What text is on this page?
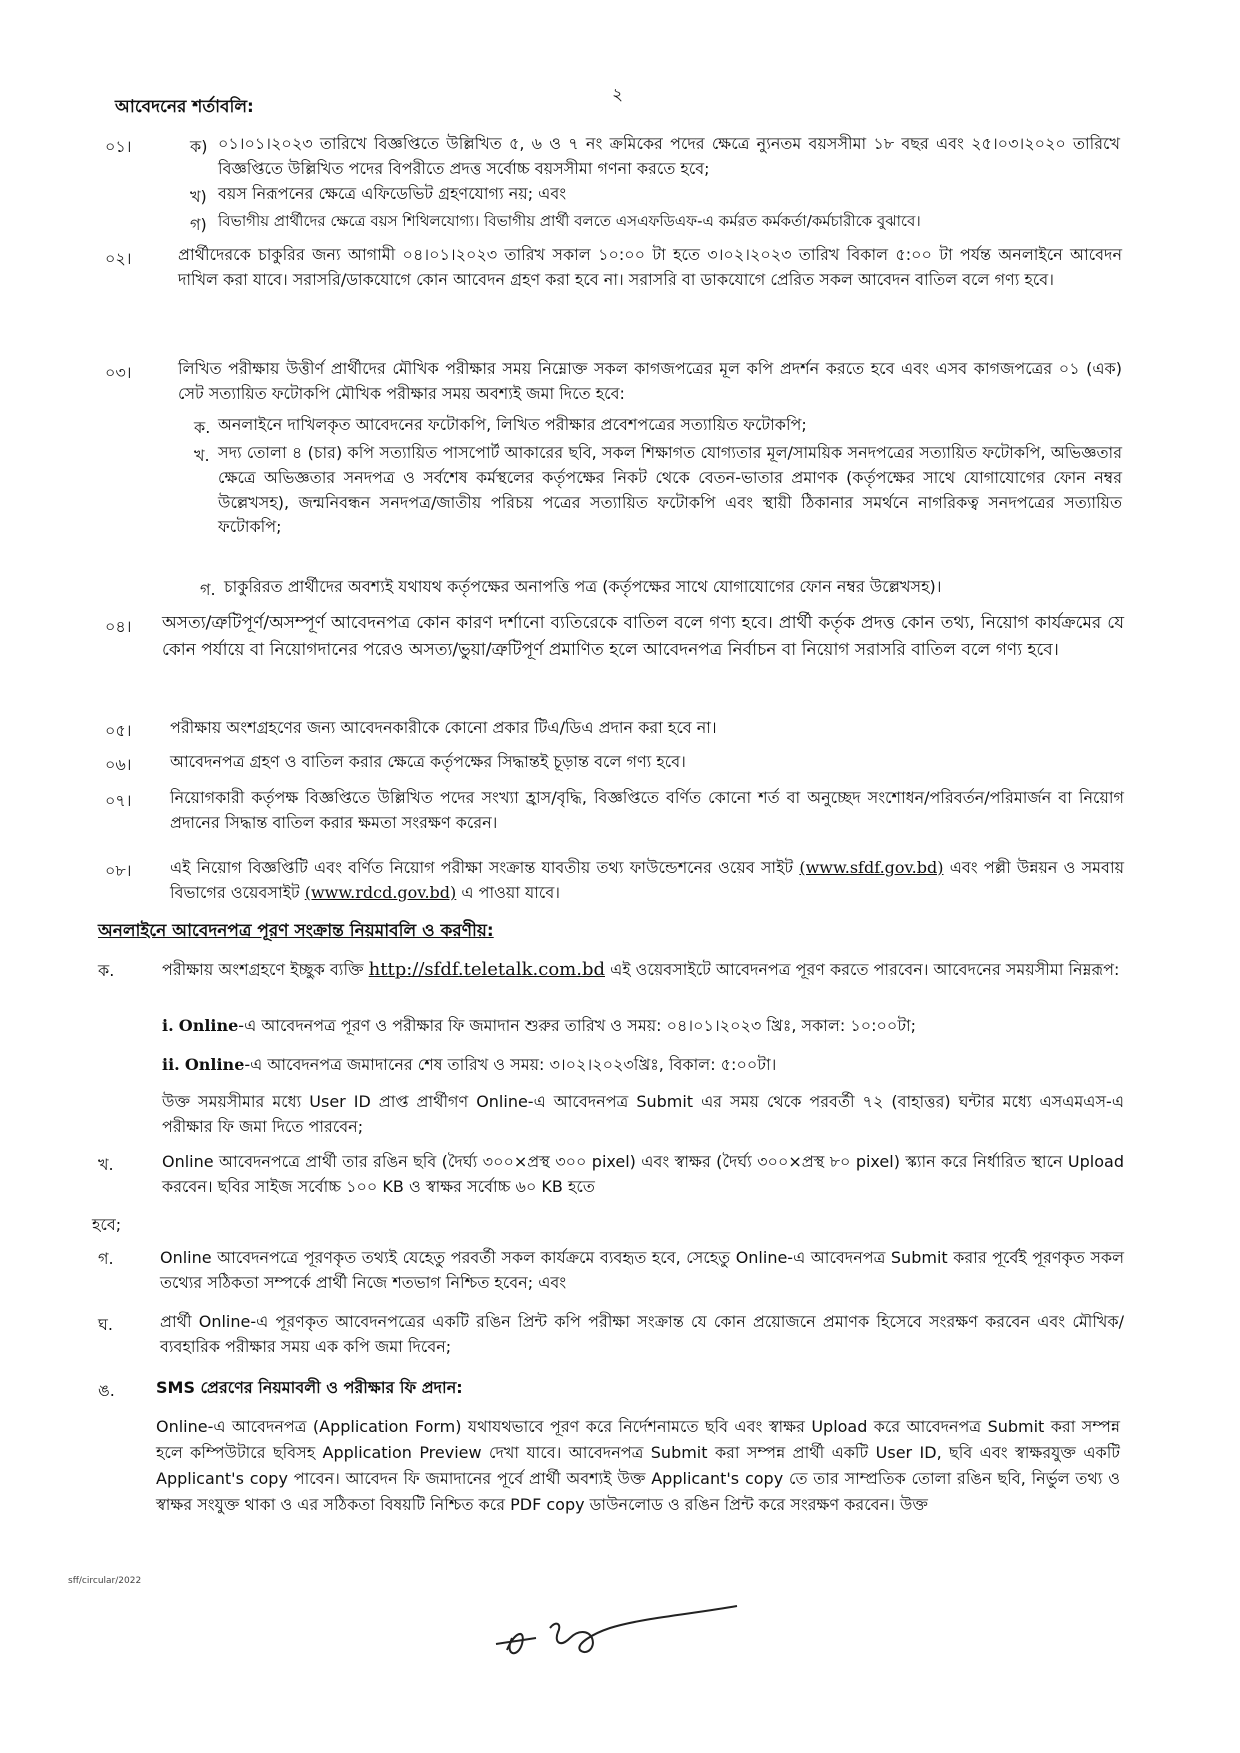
২
আবেদনের শর্তাবলি:
০১।	ক) ০১।০১।২০২৩ তারিখে বিজ্ঞপ্তিতে উল্লিখিত ৫, ৬ ও ৭ নং ক্রমিকের পদের ক্ষেত্রে ন্যুনতম বয়সসীমা ১৮ বছর এবং ২৫।০৩।২০২০ তারিখে বিজ্ঞপ্তিতে উল্লিখিত পদের বিপরীতে প্রদত্ত সর্বোচ্চ বয়সসীমা গণনা করতে হবে;
খ) বয়স নিরূপনের ক্ষেত্রে এফিডেভিট গ্রহণযোগ্য নয়; এবং
গ) বিভাগীয় প্রার্থীদের ক্ষেত্রে বয়স শিথিলযোগ্য। বিভাগীয় প্রার্থী বলতে এসএফডিএফ-এ কর্মরত কর্মকর্তা/কর্মচারীকে বুঝাবে।
০২।	প্রার্থীদেরকে চাকুরির জন্য আগামী ০৪।০১।২০২৩ তারিখ সকাল ১০:০০ টা হতে ৩।০২।২০২৩ তারিখ বিকাল ৫:০০ টা পর্যন্ত অনলাইনে আবেদন দাখিল করা যাবে। সরাসরি/ডাকযোগে কোন আবেদন গ্রহণ করা হবে না। সরাসরি বা ডাকযোগে প্রেরিত সকল আবেদন বাতিল বলে গণ্য হবে।
০৩।	লিখিত পরীক্ষায় উত্তীর্ণ প্রার্থীদের মৌখিক পরীক্ষার সময় নিম্নোক্ত সকল কাগজপত্রের মূল কপি প্রদর্শন করতে হবে এবং এসব কাগজপত্রের ০১ (এক) সেট সত্যায়িত ফটোকপি মৌখিক পরীক্ষার সময় অবশ্যই জমা দিতে হবে:
ক. অনলাইনে দাখিলকৃত আবেদনের ফটোকপি, লিখিত পরীক্ষার প্রবেশপত্রের সত্যায়িত ফটোকপি;
খ. সদ্য তোলা ৪ (চার) কপি সত্যায়িত পাসপোর্ট আকারের ছবি, সকল শিক্ষাগত যোগ্যতার মূল/সাময়িক সনদপত্রের সত্যায়িত ফটোকপি, অভিজ্ঞতার ক্ষেত্রে অভিজ্ঞতার সনদপত্র ও সর্বশেষ কর্মস্থলের কর্তৃপক্ষের নিকট থেকে বেতন-ভাতার প্রমাণক (কর্তৃপক্ষের সাথে যোগাযোগের ফোন নম্বর উল্লেখসহ), জন্মনিবন্ধন সনদপত্র/জাতীয় পরিচয় পত্রের সত্যায়িত ফটোকপি এবং স্থায়ী ঠিকানার সমর্থনে নাগরিকত্ব সনদপত্রের সত্যায়িত ফটোকপি;
গ. চাকুরিরত প্রার্থীদের অবশ্যই যথাযথ কর্তৃপক্ষের অনাপত্তি পত্র (কর্তৃপক্ষের সাথে যোগাযোগের ফোন নম্বর উল্লেখসহ)।
০৪।	অসত্য/ত্রুটিপূর্ণ/অসম্পূর্ণ আবেদনপত্র কোন কারণ দর্শানো ব্যতিরেকে বাতিল বলে গণ্য হবে। প্রার্থী কর্তৃক প্রদত্ত কোন তথ্য, নিয়োগ কার্যক্রমের যে কোন পর্যায়ে বা নিয়োগদানের পরেও অসত্য/ভুয়া/ত্রুটিপূর্ণ প্রমাণিত হলে আবেদনপত্র নির্বাচন বা নিয়োগ সরাসরি বাতিল বলে গণ্য হবে।
০৫।	পরীক্ষায় অংশগ্রহণের জন্য আবেদনকারীকে কোনো প্রকার টিএ/ডিএ প্রদান করা হবে না।
০৬।	আবেদনপত্র গ্রহণ ও বাতিল করার ক্ষেত্রে কর্তৃপক্ষের সিদ্ধান্তই চূড়ান্ত বলে গণ্য হবে।
০৭।	নিয়োগকারী কর্তৃপক্ষ বিজ্ঞপ্তিতে উল্লিখিত পদের সংখ্যা হ্রাস/বৃদ্ধি, বিজ্ঞপ্তিতে বর্ণিত কোনো শর্ত বা অনুচ্ছেদ সংশোধন/পরিবর্তন/পরিমার্জন বা নিয়োগ প্রদানের সিদ্ধান্ত বাতিল করার ক্ষমতা সংরক্ষণ করেন।
০৮।	এই নিয়োগ বিজ্ঞপ্তিটি এবং বর্ণিত নিয়োগ পরীক্ষা সংক্রান্ত যাবতীয় তথ্য ফাউন্ডেশনের ওয়েব সাইট (www.sfdf.gov.bd) এবং পল্লী উন্নয়ন ও সমবায় বিভাগের ওয়েবসাইট (www.rdcd.gov.bd) এ পাওয়া যাবে।
অনলাইনে আবেদনপত্র পূরণ সংক্রান্ত নিয়মাবলি ও করণীয়:
ক.	পরীক্ষায় অংশগ্রহণে ইচ্ছুক ব্যক্তি http://sfdf.teletalk.com.bd এই ওয়েবসাইটে আবেদনপত্র পূরণ করতে পারবেন। আবেদনের সময়সীমা নিম্নরূপ:
i. Online-এ আবেদনপত্র পূরণ ও পরীক্ষার ফি জমাদান শুরুর তারিখ ও সময়: ০৪।০১।২০২৩ খ্রিঃ, সকাল: ১০:০০টা;
ii. Online-এ আবেদনপত্র জমাদানের শেষ তারিখ ও সময়: ৩।০২।২০২৩খ্রিঃ, বিকাল: ৫:০০টা।
উক্ত সময়সীমার মধ্যে User ID প্রাপ্ত প্রার্থীগণ Online-এ আবেদনপত্র Submit এর সময় থেকে পরবর্তী ৭২ (বাহাত্তর) ঘন্টার মধ্যে এসএমএস-এ পরীক্ষার ফি জমা দিতে পারবেন;
খ.	Online আবেদনপত্রে প্রার্থী তার রঙিন ছবি (দৈর্ঘ্য ৩০০×প্রস্থ ৩০০ pixel) এবং স্বাক্ষর (দৈর্ঘ্য ৩০০×প্রস্থ ৮০ pixel) স্ক্যান করে নির্ধারিত স্থানে Upload করবেন। ছবির সাইজ সর্বোচ্চ ১০০ KB ও স্বাক্ষর সর্বোচ্চ ৬০ KB হতে
হবে;
গ.	Online আবেদনপত্রে পূরণকৃত তথ্যই যেহেতু পরবর্তী সকল কার্যক্রমে ব্যবহৃত হবে, সেহেতু Online-এ আবেদনপত্র Submit করার পূর্বেই পূরণকৃত সকল তথ্যের সঠিকতা সম্পর্কে প্রার্থী নিজে শতভাগ নিশ্চিত হবেন; এবং
ঘ.	প্রার্থী Online-এ পূরণকৃত আবেদনপত্রের একটি রঙিন প্রিন্ট কপি পরীক্ষা সংক্রান্ত যে কোন প্রয়োজনে প্রমাণক হিসেবে সংরক্ষণ করবেন এবং মৌখিক/ব্যবহারিক পরীক্ষার সময় এক কপি জমা দিবেন;
ঙ.	SMS প্রেরণের নিয়মাবলী ও পরীক্ষার ফি প্রদান:
Online-এ আবেদনপত্র (Application Form) যথাযথভাবে পূরণ করে নির্দেশনামতে ছবি এবং স্বাক্ষর Upload করে আবেদনপত্র Submit করা সম্পন্ন হলে কম্পিউটারে ছবিসহ Application Preview দেখা যাবে। আবেদনপত্র Submit করা সম্পন্ন প্রার্থী একটি User ID, ছবি এবং স্বাক্ষরযুক্ত একটি Applicant's copy পাবেন। আবেদন ফি জমাদানের পূর্বে প্রার্থী অবশ্যই উক্ত Applicant's copy তে তার সাম্প্রতিক তোলা রঙিন ছবি, নির্ভুল তথ্য ও স্বাক্ষর সংযুক্ত থাকা ও এর সঠিকতা বিষয়টি নিশ্চিত করে PDF copy ডাউনলোড ও রঙিন প্রিন্ট করে সংরক্ষণ করবেন। উক্ত
sff/circular/2022
